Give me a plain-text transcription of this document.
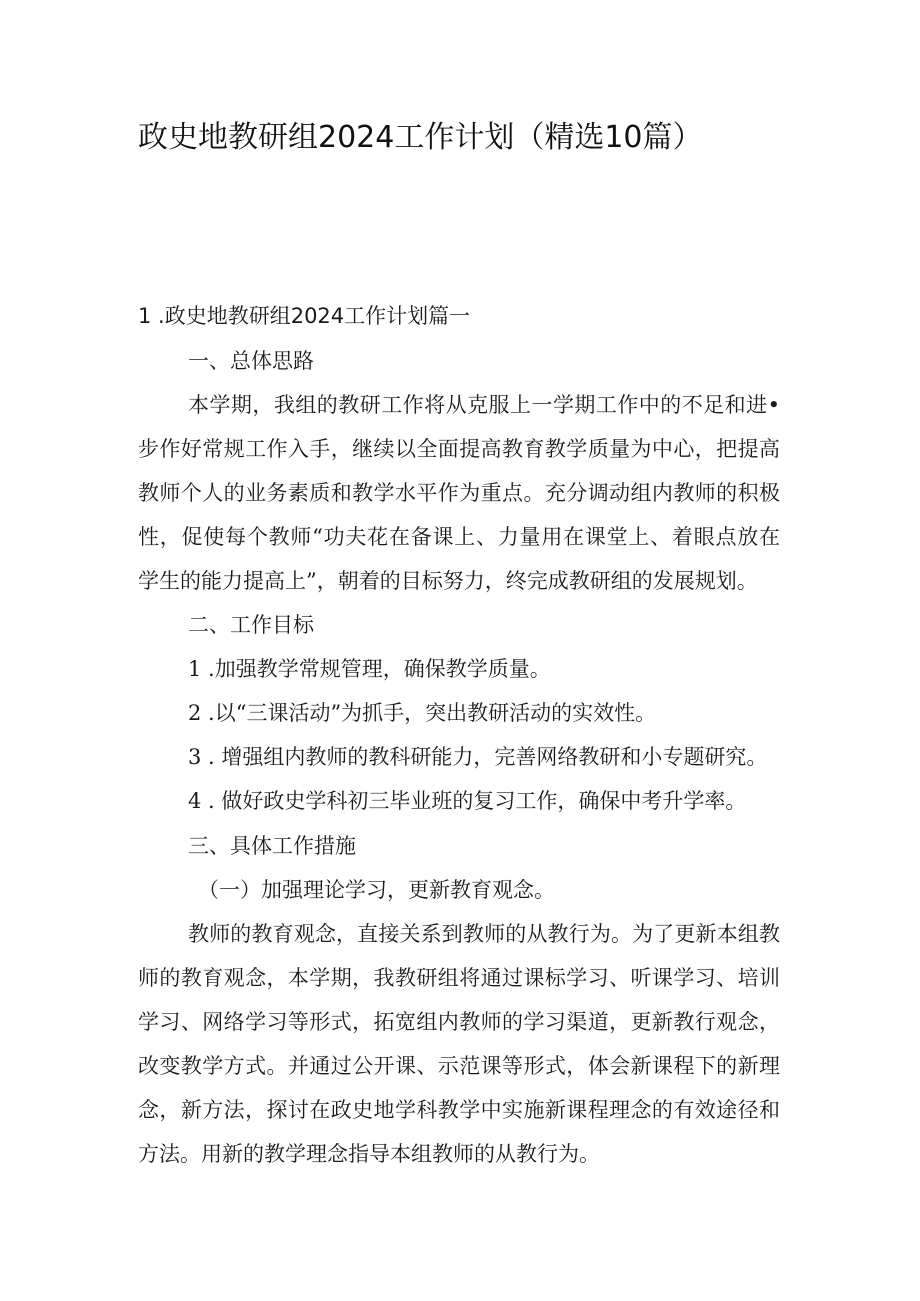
政史地教研组2024工作计划（精选10篇）
1 .政史地教研组2024工作计划篇一
一、总体思路
本学期，我组的教研工作将从克服上一学期工作中的不足和进•
步作好常规工作入手，继续以全面提高教育教学质量为中心，把提高
教师个人的业务素质和教学水平作为重点。充分调动组内教师的积极
性，促使每个教师“功夫花在备课上、力量用在课堂上、着眼点放在
学生的能力提高上”，朝着的目标努力，终完成教研组的发展规划。
二、工作目标
1 .加强教学常规管理，确保教学质量。
2 .以“三课活动”为抓手，突出教研活动的实效性。
3 . 增强组内教师的教科研能力，完善网络教研和小专题研究。
4 . 做好政史学科初三毕业班的复习工作，确保中考升学率。
三、具体工作措施
（一）加强理论学习，更新教育观念。
教师的教育观念，直接关系到教师的从教行为。为了更新本组教
师的教育观念，本学期，我教研组将通过课标学习、听课学习、培训
学习、网络学习等形式，拓宽组内教师的学习渠道，更新教行观念，
改变教学方式。并通过公开课、示范课等形式，体会新课程下的新理
念，新方法，探讨在政史地学科教学中实施新课程理念的有效途径和
方法。用新的教学理念指导本组教师的从教行为。
